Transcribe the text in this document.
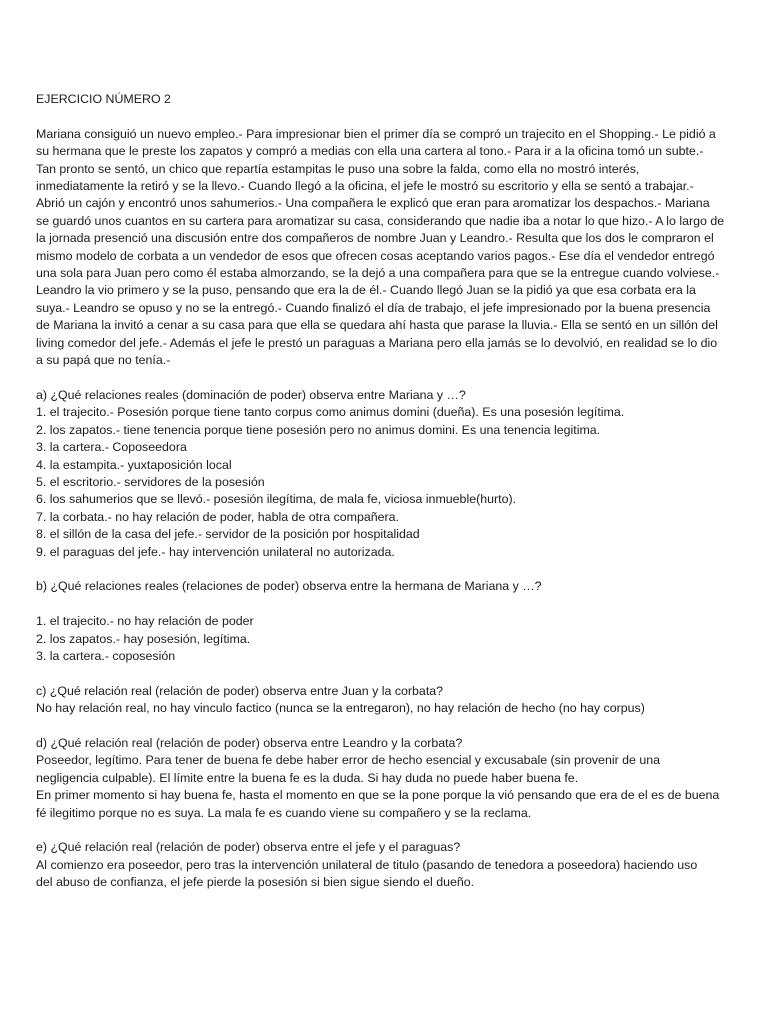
EJERCICIO NÚMERO 2

Mariana consiguió un nuevo empleo.- Para impresionar bien el primer día se compró un trajecito en el Shopping.- Le pidió a
su hermana que le preste los zapatos y compró a medias con ella una cartera al tono.- Para ir a la oficina tomó un subte.-
Tan pronto se sentó, un chico que repartía estampitas le puso una sobre la falda, como ella no mostró interés,
inmediatamente la retiró y se la llevo.- Cuando llegó a la oficina, el jefe le mostró su escritorio y ella se sentó a trabajar.-
Abrió un cajón y encontró unos sahumerios.- Una compañera le explicó que eran para aromatizar los despachos.- Mariana
se guardó unos cuantos en su cartera para aromatizar su casa, considerando que nadie iba a notar lo que hizo.- A lo largo de
la jornada presenció una discusión entre dos compañeros de nombre Juan y Leandro.- Resulta que los dos le compraron el
mismo modelo de corbata a un vendedor de esos que ofrecen cosas aceptando varios pagos.- Ese día el vendedor entregó
una sola para Juan pero como él estaba almorzando, se la dejó a una compañera para que se la entregue cuando volviese.-
Leandro la vio primero y se la puso, pensando que era la de él.- Cuando llegó Juan se la pidió ya que esa corbata era la
suya.- Leandro se opuso y no se la entregó.- Cuando finalizó el día de trabajo, el jefe impresionado por la buena presencia
de Mariana la invitó a cenar a su casa para que ella se quedara ahí hasta que parase la lluvia.- Ella se sentó en un sillón del
living comedor del jefe.- Además el jefe le prestó un paraguas a Mariana pero ella jamás se lo devolvió, en realidad se lo dio
a su papá que no tenía.-

a) ¿Qué relaciones reales (dominación de poder) observa entre Mariana y …?
1. el trajecito.- Posesión porque tiene tanto corpus como animus domini (dueña). Es una posesión legítima.
2. los zapatos.- tiene tenencia porque tiene posesión pero no animus domini. Es una tenencia legitima.
3. la cartera.- Coposeedora
4. la estampita.- yuxtaposición local
5. el escritorio.- servidores de la posesión
6. los sahumerios que se llevó.- posesión ilegítima, de mala fe, viciosa inmueble(hurto).
7. la corbata.- no hay relación de poder, habla de otra compañera.
8. el sillón de la casa del jefe.- servidor de la posición por hospitalidad
9. el paraguas del jefe.- hay intervención unilateral no autorizada.
b) ¿Qué relaciones reales (relaciones de poder) observa entre la hermana de Mariana y …?
1. el trajecito.- no hay relación de poder
2. los zapatos.- hay posesión, legítima.
3. la cartera.- coposesión
c) ¿Qué relación real (relación de poder) observa entre Juan y la corbata?
No hay relación real, no hay vinculo factico (nunca se la entregaron), no hay relación de hecho (no hay corpus)
d) ¿Qué relación real (relación de poder) observa entre Leandro y la corbata?
Poseedor, legítimo. Para tener de buena fe debe haber error de hecho esencial y excusabale (sin provenir de una
negligencia culpable). El límite entre la buena fe es la duda. Si hay duda no puede haber buena fe.
En primer momento si hay buena fe, hasta el momento en que se la pone porque la vió pensando que era de el es de buena
fé ilegitimo porque no es suya. La mala fe es cuando viene su compañero y se la reclama.
e) ¿Qué relación real (relación de poder) observa entre el jefe y el paraguas?
Al comienzo era poseedor, pero tras la intervención unilateral de titulo (pasando de tenedora a poseedora) haciendo uso
del abuso de confianza, el jefe pierde la posesión si bien sigue siendo el dueño.
